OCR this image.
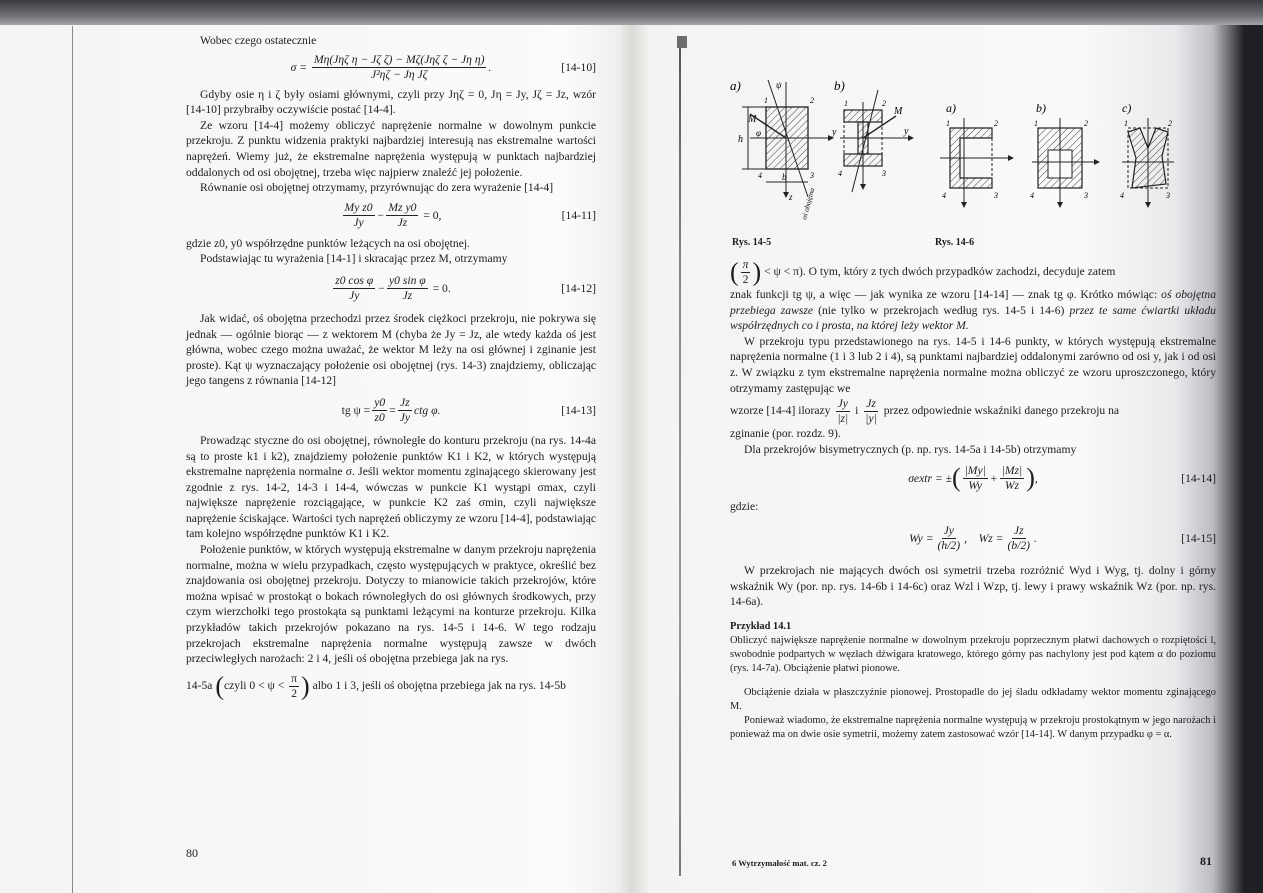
Wobec czego ostatecznie

σ =
$\frac{\text{Mη(Jηζ η − Jζ ζ) − Mζ(Jηζ ζ − Jη η)}}{\text{J²ηζ − Jη Jζ}}$ .	[14-10]

Gdyby osie η i ζ były osiami głównymi, czyli przy Jηζ = 0, Jη = Jy, Jζ = Jz, wzór [14-10] przybrałby oczywiście postać [14-4].

Ze wzoru [14-4] możemy obliczyć naprężenie normalne w dowolnym punkcie przekroju. Z punktu widzenia praktyki najbardziej interesują nas ekstremalne wartości naprężeń. Wiemy już, że ekstremalne naprężenia występują w punktach najbardziej oddalonych od osi obojętnej, trzeba więc najpierw znaleźć jej położenie.

Równanie osi obojętnej otrzymamy, przyrównując do zera wyrażenie [14-4]

$\frac{\text{My z0}}{Jy} - \frac{\text{Mz y0}}{Jz}$
= 0,	[14-11]

gdzie z0, y0 współrzędne punktów leżących na osi obojętnej.

Podstawiając tu wyrażenia [14-1] i skracając przez M, otrzymamy

$\frac{\text{z0 cos φ}}{Jy} - \frac{\text{y0 sin φ}}{Jz}$
= 0.	[14-12]

Jak widać, oś obojętna przechodzi przez środek ciężkoci przekroju, nie pokrywa się jednak — ogólnie biorąc — z wektorem M (chyba że Jy = Jz, ale wtedy każda oś jest główna, wobec czego można uważać, że wektor M leży na osi głównej i zginanie jest proste). Kąt ψ wyznaczający położenie osi obojętnej (rys. 14-3) znajdziemy, obliczając jego tangens z równania [14-12]

tg $\psi = \frac{y0}{z0} = \frac{Jz}{Jy}$ ctg φ.	[14-13]

Prowadząc styczne do osi obojętnej, równoległe do konturu przekroju (na rys. 14-4a są to proste k1 i k2), znajdziemy położenie punktów K1 i K2, w których występują ekstremalne naprężenia normalne σ. Jeśli wektor momentu zginającego skierowany jest zgodnie z rys. 14-2, 14-3 i 14-4, wówczas w punkcie K1 wystąpi σmax, czyli największe naprężenie rozciągające, w punkcie K2 zaś σmin, czyli największe naprężenie ściskające. Wartości tych naprężeń obliczymy ze wzoru [14-4], podstawiając tam kolejno współrzędne punktów K1 i K2.

Położenie punktów, w których występują ekstremalne w danym przekroju naprężenia normalne, można w wielu przypadkach, często występujących w praktyce, określić bez znajdowania osi obojętnej przekroju. Dotyczy to mianowicie takich przekrojów, które można wpisać w prostokąt o bokach równoległych do osi głównych środkowych, przy czym wierzchołki tego prostokąta są punktami leżącymi na konturze przekroju. Kilka przykładów takich przekrojów pokazano na rys. 14-5 i 14-6. W tego rodzaju przekrojach ekstremalne naprężenia normalne występują zawsze w dwóch przeciwległych narożach: 2 i 4, jeśli oś obojętna przebiega jak na rys.

14-5a (czyli $0 < \psi < \frac{\pi}{2}$ ) albo 1 i 3, jeśli oś obojętna przebiega jak na rys. 14-5b

80
a)
h
y
z
M
φ
ψ
1	2
3
4 b
oś obojętna
b)
y
M
1	2
3
4
Rys. 14-5
a)	b)	c)
1	2
3
4
1	2
3
4
1	2
3
4
Rys. 14-6

( $\frac{\pi}{2}$ ) < ψ < π). O tym, który z tych dwóch przypadków zachodzi, decyduje zatem

znak funkcji tg ψ, a więc — jak wynika ze wzoru [14-14] — znak tg φ. Krótko mówiąc: oś obojętna przebiega zawsze (nie tylko w przekrojach według rys. 14-5 i 14-6) przez te same ćwiartki układu współrzędnych co i prosta, na której leży wektor M.

W przekroju typu przedstawionego na rys. 14-5 i 14-6 punkty, w których występują ekstremalne naprężenia normalne (1 i 3 lub 2 i 4), są punktami najbardziej oddalonymi zarówno od osi y, jak i od osi z. W związku z tym ekstremalne naprężenia normalne można obliczyć ze wzoru uproszczonego, który otrzymamy zastępując we

wzorze [14-4] ilorazy $\frac{Jy}{|z|}$ i $\frac{Jz}{|y|}$ przez odpowiednie wskaźniki danego przekroju na

zginanie (por. rozdz. 9).

Dla przekrojów bisymetrycznych (p. np. rys. 14-5a i 14-5b) otrzymamy

σextr = ± ( $\frac{|My|}{Wy} + \frac{|Mz|}{Wz}$ ) ,	[14-14]

gdzie:

$Wy = \frac{Jy}{(h/2)}$ , $Wz = \frac{Jz}{(b/2)}$ .	[14-15]

W przekrojach nie mających dwóch osi symetrii trzeba rozróżnić Wyd i Wyg, tj. dolny i górny wskaźnik Wy (por. np. rys. 14-6b i 14-6c) oraz Wzl i Wzp, tj. lewy i prawy wskaźnik Wz (por. np. rys. 14-6a).

Przykład 14.1

Obliczyć największe naprężenie normalne w dowolnym przekroju poprzecznym płatwi dachowych o rozpiętości l, swobodnie podpartych w węzłach dźwigara kratowego, którego górny pas nachylony jest pod kątem α do poziomu (rys. 14-7a). Obciążenie płatwi pionowe.

Obciążenie działa w płaszczyźnie pionowej. Prostopadle do jej śladu odkładamy wektor momentu zginającego M.

Ponieważ wiadomo, że ekstremalne naprężenia normalne występują w przekroju prostokątnym w jego narożach i ponieważ ma on dwie osie symetrii, możemy zatem zastosować wzór [14-14]. W danym przypadku φ = α.

6 Wytrzymałość mat. cz. 2	81
